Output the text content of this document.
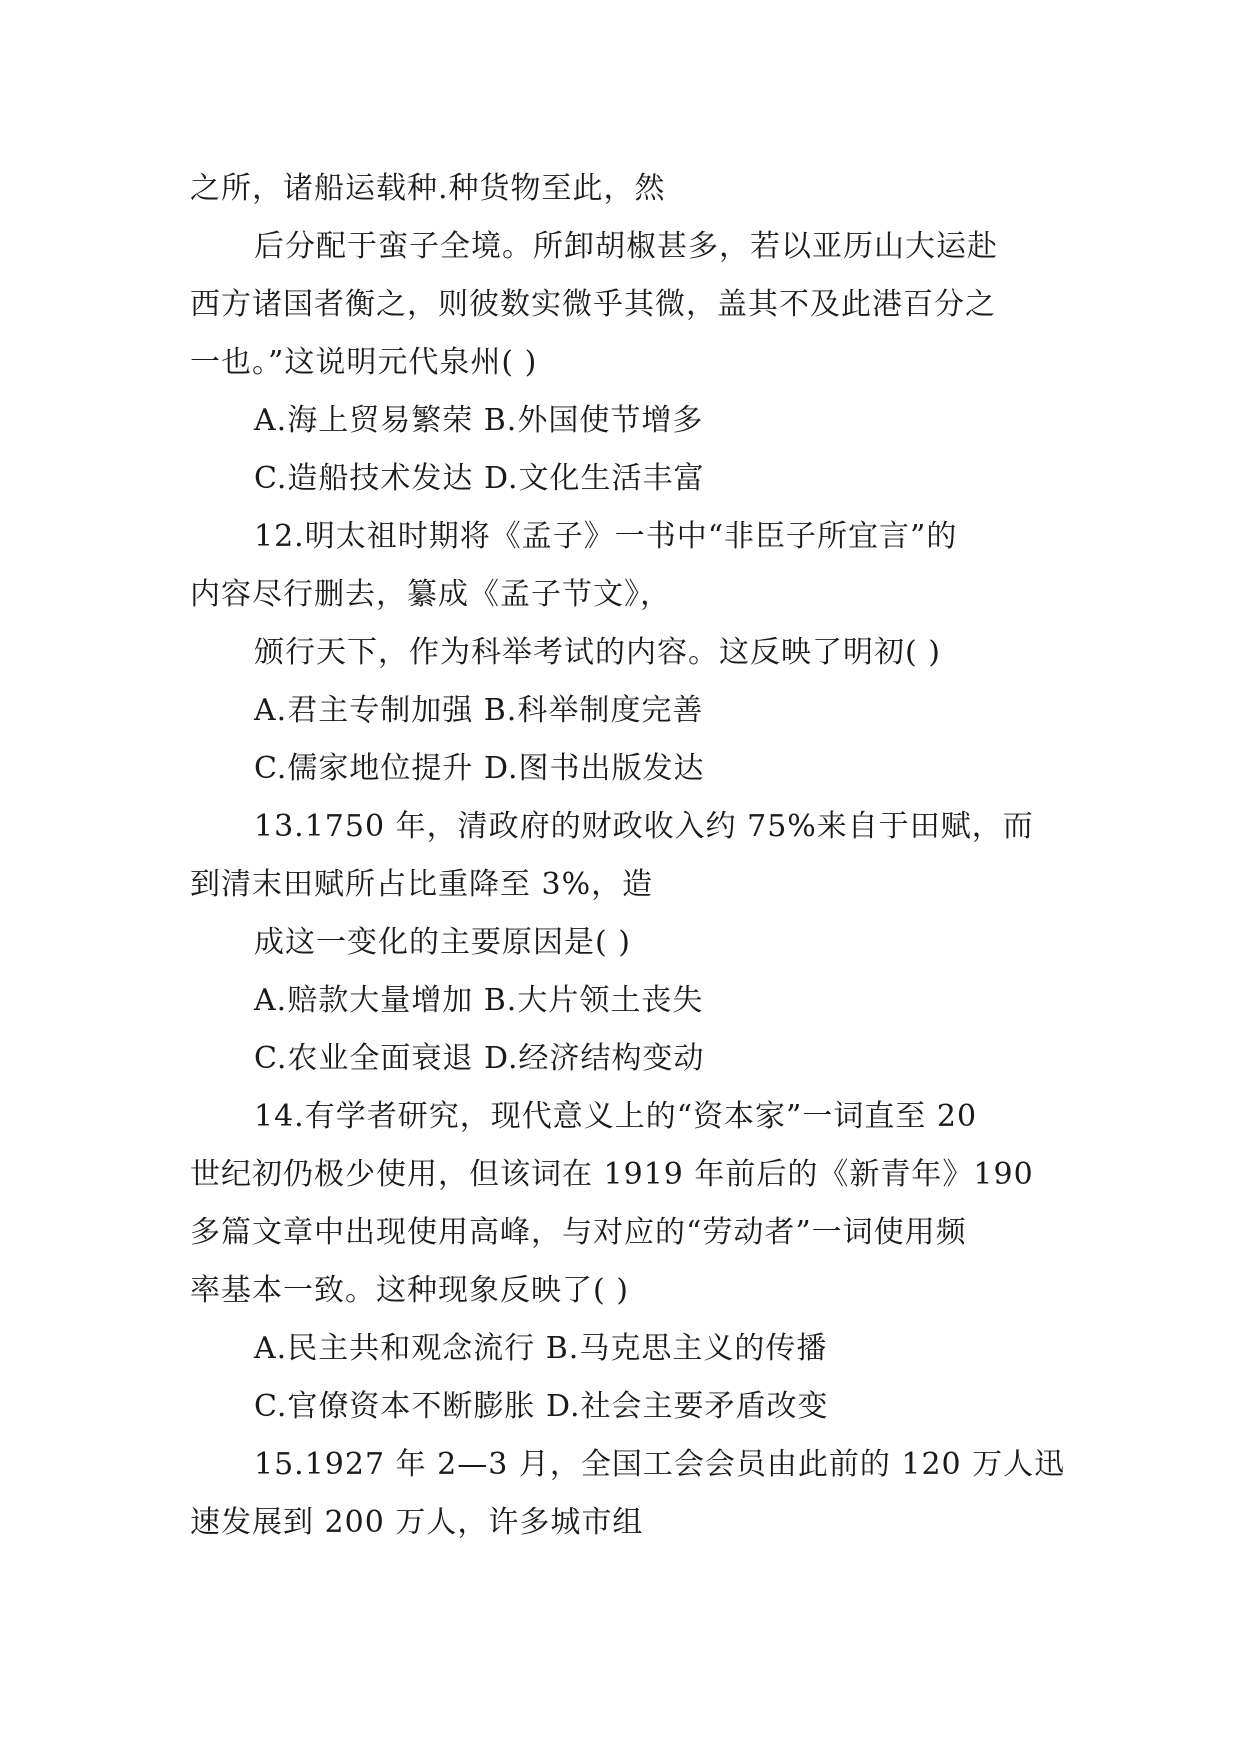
之所，诸船运载种.种货物至此，然
后分配于蛮子全境。所卸胡椒甚多，若以亚历山大运赴
西方诸国者衡之，则彼数实微乎其微，盖其不及此港百分之
一也。”这说明元代泉州( )
A.海上贸易繁荣 B.外国使节增多
C.造船技术发达 D.文化生活丰富
12.明太祖时期将《孟子》一书中“非臣子所宜言”的
内容尽行删去，纂成《孟子节文》，
颁行天下，作为科举考试的内容。这反映了明初( )
A.君主专制加强 B.科举制度完善
C.儒家地位提升 D.图书出版发达
13.1750 年，清政府的财政收入约 75%来自于田赋，而
到清末田赋所占比重降至 3%，造
成这一变化的主要原因是( )
A.赔款大量增加 B.大片领土丧失
C.农业全面衰退 D.经济结构变动
14.有学者研究，现代意义上的“资本家”一词直至 20
世纪初仍极少使用，但该词在 1919 年前后的《新青年》190
多篇文章中出现使用高峰，与对应的“劳动者”一词使用频
率基本一致。这种现象反映了( )
A.民主共和观念流行 B.马克思主义的传播
C.官僚资本不断膨胀 D.社会主要矛盾改变
15.1927 年 2—3 月，全国工会会员由此前的 120 万人迅
速发展到 200 万人，许多城市组
